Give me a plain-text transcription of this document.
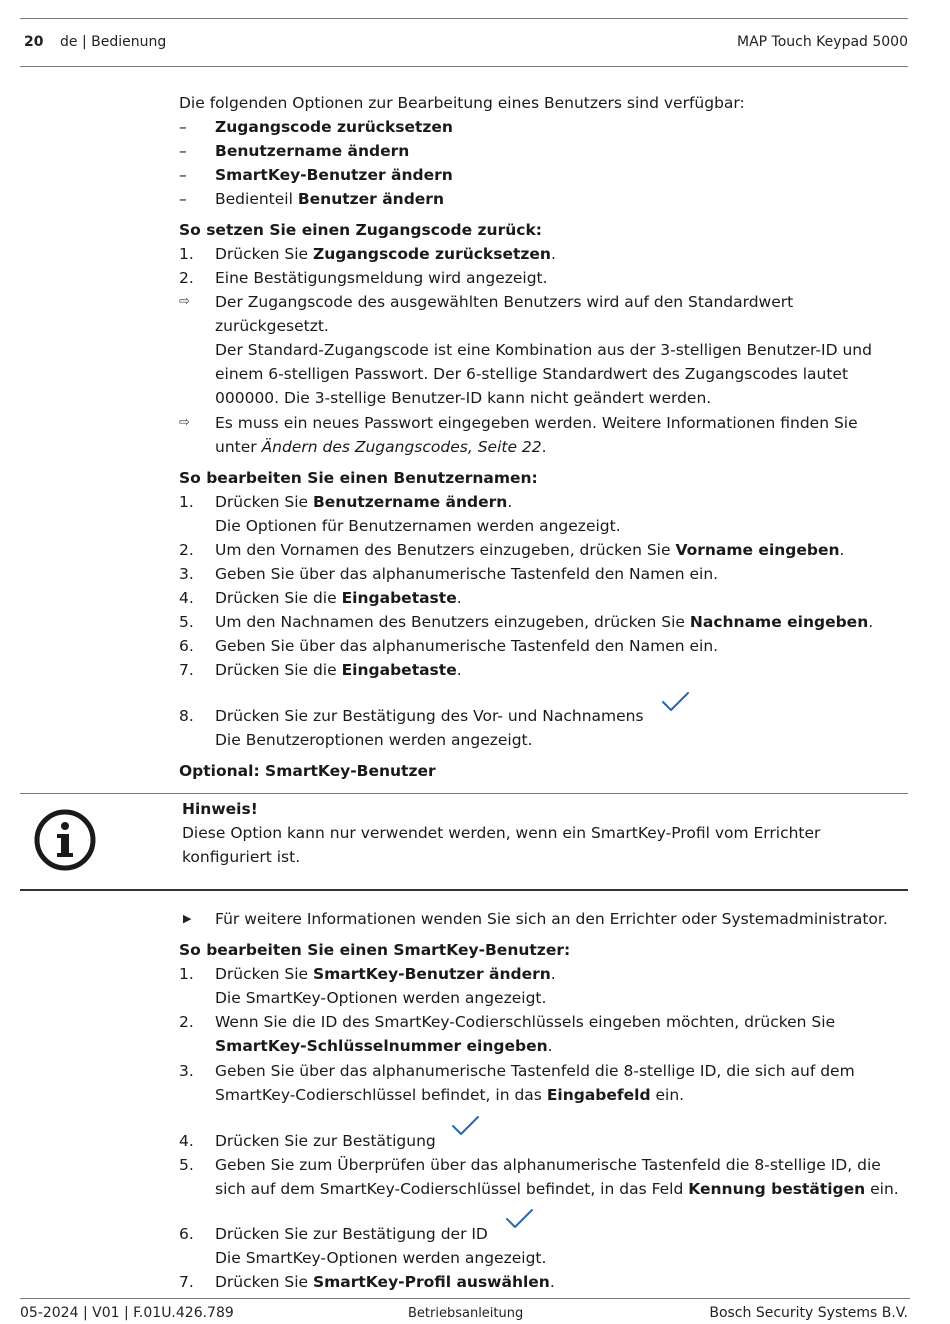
20 de | Bedienung	MAP Touch Keypad 5000
Die folgenden Optionen zur Bearbeitung eines Benutzers sind verfügbar:
–	Zugangscode zurücksetzen
–	Benutzername ändern
–	SmartKey-Benutzer ändern
–	Bedienteil Benutzer ändern
So setzen Sie einen Zugangscode zurück:
1.	Drücken Sie Zugangscode zurücksetzen.
2.	Eine Bestätigungsmeldung wird angezeigt.
⇨	Der Zugangscode des ausgewählten Benutzers wird auf den Standardwert
zurückgesetzt.
Der Standard-Zugangscode ist eine Kombination aus der 3-stelligen Benutzer-ID und
einem 6-stelligen Passwort. Der 6-stellige Standardwert des Zugangscodes lautet
000000. Die 3-stellige Benutzer-ID kann nicht geändert werden.
⇨	Es muss ein neues Passwort eingegeben werden. Weitere Informationen finden Sie
unter Ändern des Zugangscodes, Seite 22.
So bearbeiten Sie einen Benutzernamen:
1.	Drücken Sie Benutzername ändern.
Die Optionen für Benutzernamen werden angezeigt.
2.	Um den Vornamen des Benutzers einzugeben, drücken Sie Vorname eingeben.
3.	Geben Sie über das alphanumerische Tastenfeld den Namen ein.
4.	Drücken Sie die Eingabetaste.
5.	Um den Nachnamen des Benutzers einzugeben, drücken Sie Nachname eingeben.
6.	Geben Sie über das alphanumerische Tastenfeld den Namen ein.
7.	Drücken Sie die Eingabetaste.
8.	Drücken Sie zur Bestätigung des Vor- und Nachnamens
Die Benutzeroptionen werden angezeigt.
Optional: SmartKey-Benutzer
Hinweis!
Diese Option kann nur verwendet werden, wenn ein SmartKey-Profil vom Errichter
konfiguriert ist.
▶	Für weitere Informationen wenden Sie sich an den Errichter oder Systemadministrator.
So bearbeiten Sie einen SmartKey-Benutzer:
1.	Drücken Sie SmartKey-Benutzer ändern.
Die SmartKey-Optionen werden angezeigt.
2.	Wenn Sie die ID des SmartKey-Codierschlüssels eingeben möchten, drücken Sie
SmartKey-Schlüsselnummer eingeben.
3.	Geben Sie über das alphanumerische Tastenfeld die 8-stellige ID, die sich auf dem
SmartKey-Codierschlüssel befindet, in das Eingabefeld ein.
4.	Drücken Sie zur Bestätigung
5.	Geben Sie zum Überprüfen über das alphanumerische Tastenfeld die 8-stellige ID, die
sich auf dem SmartKey-Codierschlüssel befindet, in das Feld Kennung bestätigen ein.
6.	Drücken Sie zur Bestätigung der ID
Die SmartKey-Optionen werden angezeigt.
7.	Drücken Sie SmartKey-Profil auswählen.
05-2024 | V01 | F.01U.426.789	Betriebsanleitung	Bosch Security Systems B.V.
